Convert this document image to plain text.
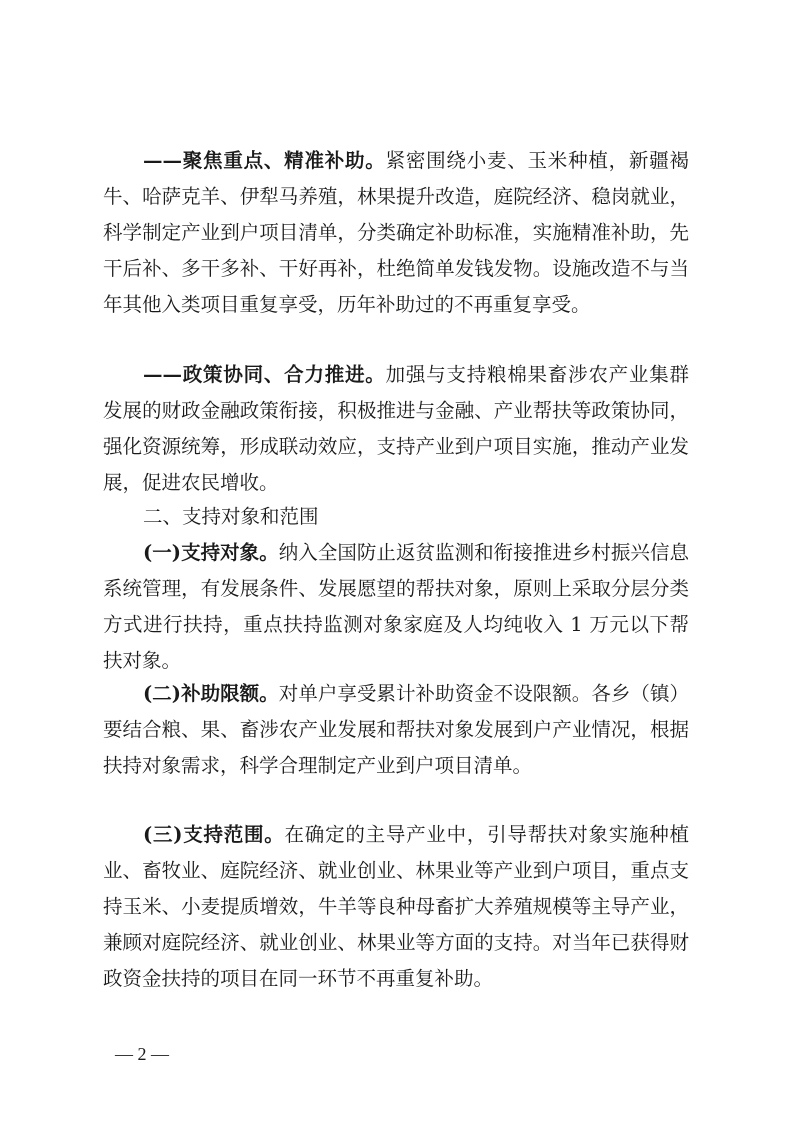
——聚焦重点、精准补助。紧密围绕小麦、玉米种植，新疆褐牛、哈萨克羊、伊犁马养殖，林果提升改造，庭院经济、稳岗就业，科学制定产业到户项目清单，分类确定补助标准，实施精准补助，先干后补、多干多补、干好再补，杜绝简单发钱发物。设施改造不与当年其他入类项目重复享受，历年补助过的不再重复享受。

——政策协同、合力推进。加强与支持粮棉果畜涉农产业集群发展的财政金融政策衔接，积极推进与金融、产业帮扶等政策协同，强化资源统筹，形成联动效应，支持产业到户项目实施，推动产业发展，促进农民增收。

二、支持对象和范围

(一)支持对象。纳入全国防止返贫监测和衔接推进乡村振兴信息系统管理，有发展条件、发展愿望的帮扶对象，原则上采取分层分类方式进行扶持，重点扶持监测对象家庭及人均纯收入 1 万元以下帮扶对象。

(二)补助限额。对单户享受累计补助资金不设限额。各乡（镇）要结合粮、果、畜涉农产业发展和帮扶对象发展到户产业情况，根据扶持对象需求，科学合理制定产业到户项目清单。

(三)支持范围。在确定的主导产业中，引导帮扶对象实施种植业、畜牧业、庭院经济、就业创业、林果业等产业到户项目，重点支持玉米、小麦提质增效，牛羊等良种母畜扩大养殖规模等主导产业，兼顾对庭院经济、就业创业、林果业等方面的支持。对当年已获得财政资金扶持的项目在同一环节不再重复补助。

— 2 —
